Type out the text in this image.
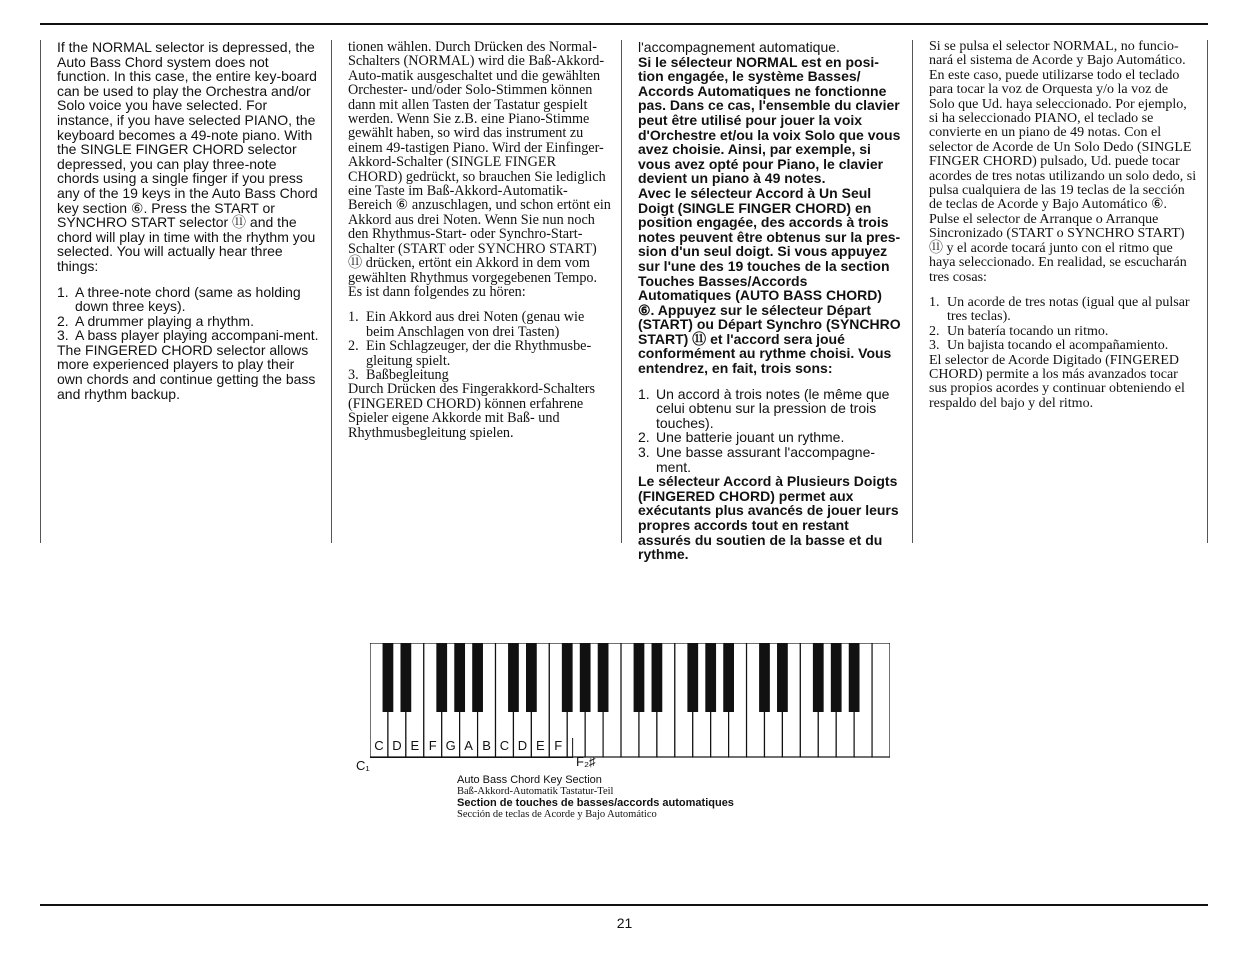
If the NORMAL selector is depressed, the Auto Bass Chord system does not function. In this case, the entire key-board can be used to play the Orchestra and/or Solo voice you have selected. For instance, if you have selected PIANO, the keyboard becomes a 49-note piano. With the SINGLE FINGER CHORD selector depressed, you can play three-note chords using a single finger if you press any of the 19 keys in the Auto Bass Chord key section ⑥. Press the START or SYNCHRO START selector ⑪ and the chord will play in time with the rhythm you selected. You will actually hear three things:

1. A three-note chord (same as holding down three keys).
2. A drummer playing a rhythm.
3. A bass player playing accompani-ment.

The FINGERED CHORD selector allows more experienced players to play their own chords and continue getting the bass and rhythm backup.

tionen wählen. Durch Drücken des Normal-Schalters (NORMAL) wird die Baß-Akkord-Auto-matik ausgeschaltet und die gewählten Orchester- und/oder Solo-Stimmen können dann mit allen Tasten der Tastatur gespielt werden. Wenn Sie z.B. eine Piano-Stimme gewählt haben, so wird das instrument zu einem 49-tastigen Piano. Wird der Einfinger-Akkord-Schalter (SINGLE FINGER CHORD) gedrückt, so brauchen Sie lediglich eine Taste im Baß-Akkord-Automatik-Bereich ⑥ anzuschlagen, und schon ertönt ein Akkord aus drei Noten. Wenn Sie nun noch den Rhythmus-Start- oder Synchro-Start-Schalter (START oder SYNCHRO START) ⑪ drücken, ertönt ein Akkord in dem vom gewählten Rhythmus vorgegebenen Tempo. Es ist dann folgendes zu hören:

1. Ein Akkord aus drei Noten (genau wie beim Anschlagen von drei Tasten)
2. Ein Schlagzeuger, der die Rhythmusbe-gleitung spielt.
3. Baßbegleitung

Durch Drücken des Fingerakkord-Schalters (FINGERED CHORD) können erfahrene Spieler eigene Akkorde mit Baß- und Rhythmusbegleitung spielen.

l'accompagnement automatique.

Si le sélecteur NORMAL est en posi-tion engagée, le système Basses/ Accords Automatiques ne fonctionne pas. Dans ce cas, l'ensemble du clavier peut être utilisé pour jouer la voix d'Orchestre et/ou la voix Solo que vous avez choisie. Ainsi, par exemple, si vous avez opté pour Piano, le clavier devient un piano à 49 notes.

Avec le sélecteur Accord à Un Seul Doigt (SINGLE FINGER CHORD) en position engagée, des accords à trois notes peuvent être obtenus sur la pres-sion d'un seul doigt. Si vous appuyez sur l'une des 19 touches de la section Touches Basses/Accords Automatiques (AUTO BASS CHORD) ⑥. Appuyez sur le sélecteur Départ (START) ou Départ Synchro (SYNCHRO START) ⑪ et l'accord sera joué conformément au rythme choisi. Vous entendrez, en fait, trois sons:

1. Un accord à trois notes (le même que celui obtenu sur la pression de trois touches).
2. Une batterie jouant un rythme.
3. Une basse assurant l'accompagne-ment.

Le sélecteur Accord à Plusieurs Doigts (FINGERED CHORD) permet aux exécutants plus avancés de jouer leurs propres accords tout en restant assurés du soutien de la basse et du rythme.

Si se pulsa el selector NORMAL, no funcio-nará el sistema de Acorde y Bajo Automático. En este caso, puede utilizarse todo el teclado para tocar la voz de Orquesta y/o la voz de Solo que Ud. haya seleccionado. Por ejemplo, si ha seleccionado PIANO, el teclado se convierte en un piano de 49 notas. Con el selector de Acorde de Un Solo Dedo (SINGLE FINGER CHORD) pulsado, Ud. puede tocar acordes de tres notas utilizando un solo dedo, si pulsa cualquiera de las 19 teclas de la sección de teclas de Acorde y Bajo Automático ⑥. Pulse el selector de Arranque o Arranque Sincronizado (START o SYNCHRO START) ⑪ y el acorde tocará junto con el ritmo que haya seleccionado. En realidad, se escucharán tres cosas:

1. Un acorde de tres notas (igual que al pulsar tres teclas).
2. Un batería tocando un ritmo.
3. Un bajista tocando el acompañamiento.

El selector de Acorde Digitado (FINGERED CHORD) permite a los más avanzados tocar sus propios acordes y continuar obteniendo el respaldo del bajo y del ritmo.

C D E F G A B C D E F
C₁	F₂♯
Auto Bass Chord Key Section
Baß-Akkord-Automatik Tastatur-Teil
Section de touches de basses/accords automatiques
Sección de teclas de Acorde y Bajo Automático
21
